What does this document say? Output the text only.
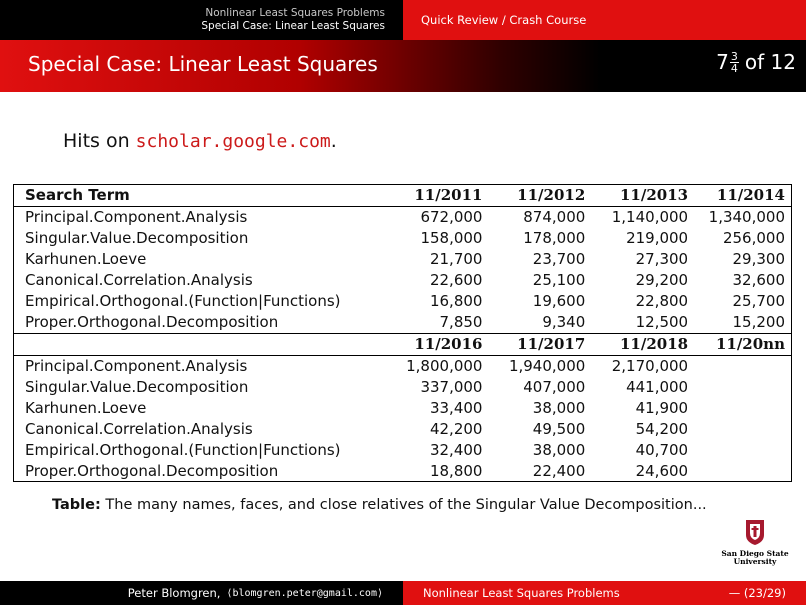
Nonlinear Least Squares Problems
Special Case: Linear Least Squares	Quick Review / Crash Course
Special Case: Linear Least Squares	$7 \frac{3}{4}$ of 12
Hits on scholar.google.com.
Search Term	11/2011	11/2012	11/2013	11/2014
Principal.Component.Analysis	672,000	874,000	1,140,000	1,340,000
Singular.Value.Decomposition	158,000	178,000	219,000	256,000
Karhunen.Loeve	21,700	23,700	27,300	29,300
Canonical.Correlation.Analysis	22,600	25,100	29,200	32,600
Empirical.Orthogonal.(Function|Functions)	16,800	19,600	22,800	25,700
Proper.Orthogonal.Decomposition	7,850	9,340	12,500	15,200
	11/2016	11/2017	11/2018	11/20nn
Principal.Component.Analysis	1,800,000	1,940,000	2,170,000	
Singular.Value.Decomposition	337,000	407,000	441,000	
Karhunen.Loeve	33,400	38,000	41,900	
Canonical.Correlation.Analysis	42,200	49,500	54,200	
Empirical.Orthogonal.(Function|Functions)	32,400	38,000	40,700	
Proper.Orthogonal.Decomposition	18,800	22,400	24,600	
Table: The many names, faces, and close relatives of the Singular Value Decomposition...
San Diego State
University
Peter Blomgren, ⟨blomgren.peter@gmail.com⟩	Nonlinear Least Squares Problems	— (23/29)
